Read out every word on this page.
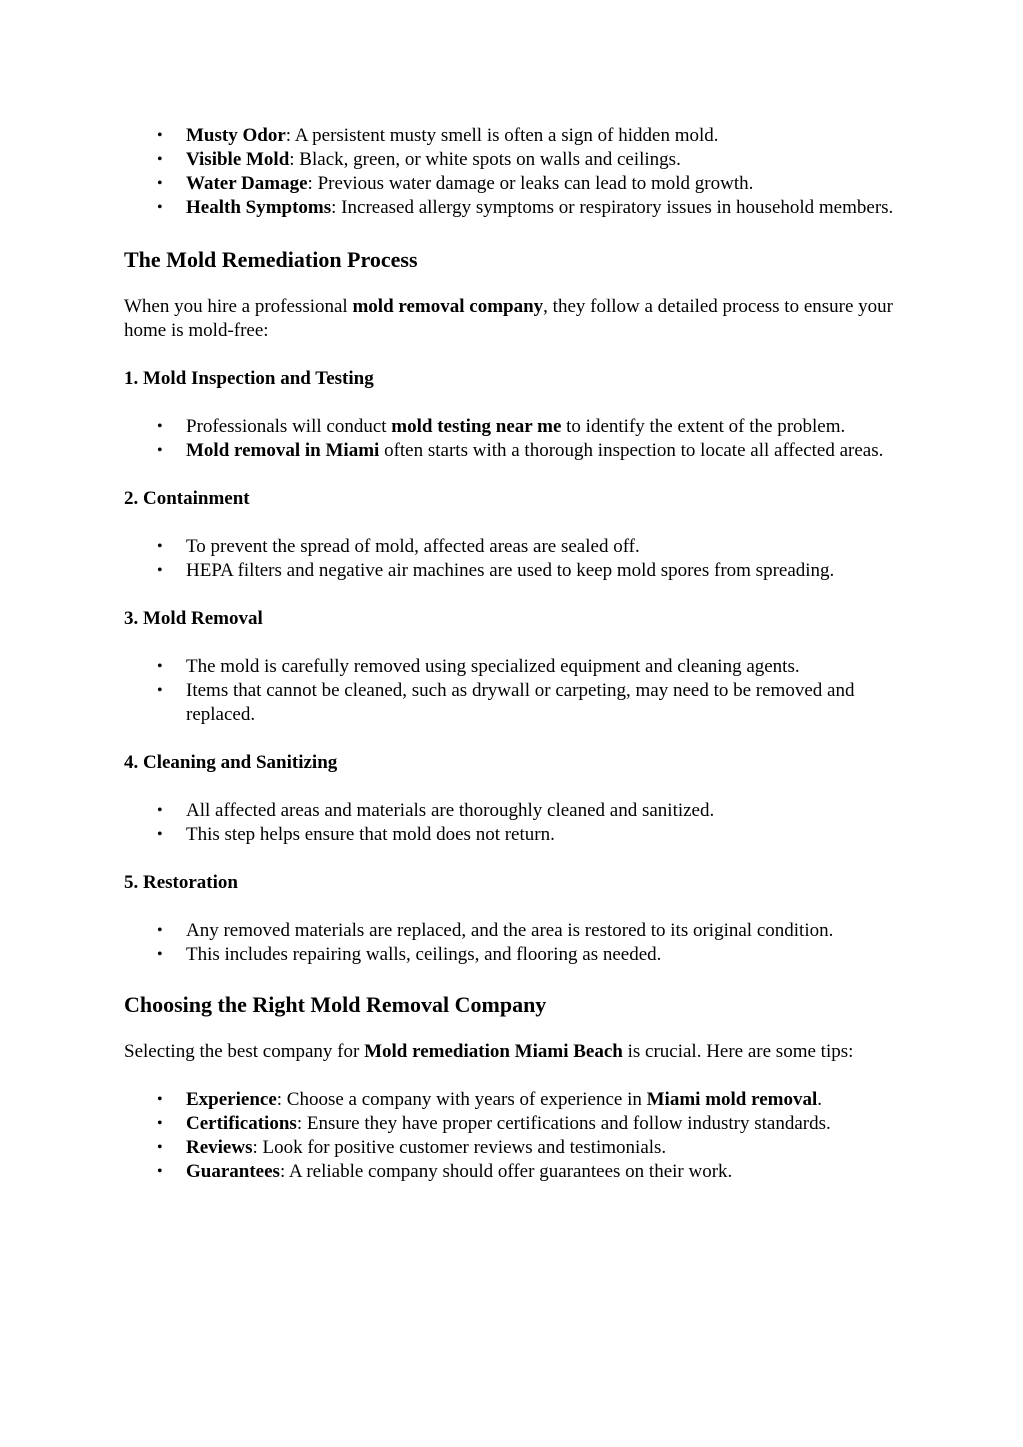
• Musty Odor: A persistent musty smell is often a sign of hidden mold.
• Visible Mold: Black, green, or white spots on walls and ceilings.
• Water Damage: Previous water damage or leaks can lead to mold growth.
• Health Symptoms: Increased allergy symptoms or respiratory issues in household members.
The Mold Remediation Process

When you hire a professional mold removal company, they follow a detailed process to ensure your home is mold-free:

1. Mold Inspection and Testing
• Professionals will conduct mold testing near me to identify the extent of the problem.
• Mold removal in Miami often starts with a thorough inspection to locate all affected areas.
2. Containment
• To prevent the spread of mold, affected areas are sealed off.
• HEPA filters and negative air machines are used to keep mold spores from spreading.
3. Mold Removal
• The mold is carefully removed using specialized equipment and cleaning agents.
• Items that cannot be cleaned, such as drywall or carpeting, may need to be removed and replaced.
4. Cleaning and Sanitizing
• All affected areas and materials are thoroughly cleaned and sanitized.
• This step helps ensure that mold does not return.
5. Restoration
• Any removed materials are replaced, and the area is restored to its original condition.
• This includes repairing walls, ceilings, and flooring as needed.
Choosing the Right Mold Removal Company

Selecting the best company for Mold remediation Miami Beach is crucial. Here are some tips:

• Experience: Choose a company with years of experience in Miami mold removal.
• Certifications: Ensure they have proper certifications and follow industry standards.
• Reviews: Look for positive customer reviews and testimonials.
• Guarantees: A reliable company should offer guarantees on their work.
